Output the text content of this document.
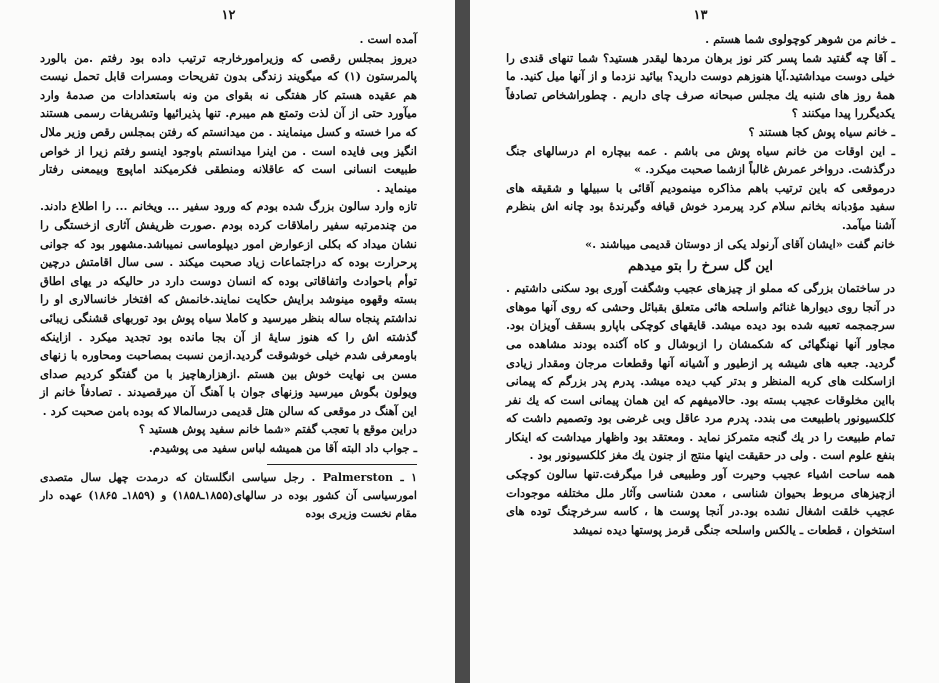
۱۲

آمده است .

دیروز بمجلس رقصی که وزیرامورخارجه ترتیب داده بود رفتم .من بالورد پالمرستون (۱) که میگویند زندگی بدون تفریحات ومسرات قابل تحمل نیست هم عقیده هستم کار هفتگی نه بقوای من ونه باستعدادات من صدمهٔ وارد میآورد حتی از آن لذت وتمتع هم میبرم. تنها پذیرائیها وتشریفات رسمی هستند که مرا خسته و کسل مینمایند . من میدانستم که رفتن بمجلس رقص وزیر ملال انگیز وبی فایده است . من اینرا میدانستم باوجود اینسو رفتم زیرا از خواص طبیعت انسانی است که عاقلانه ومنطقی فکرمیکند اماپوچ وبیمعنی رفتار مینماید .

تازه وارد سالون بزرگ شده بودم که ورود سفیر ... ویخانم ... را اطلاع دادند. من چندمرتبه سفیر راملاقات کرده بودم .صورت ظریفش آثاری ازخستگی را نشان میداد که بکلی ازعوارض امور دیپلوماسی نمیباشد.مشهور بود که جوانی پرحرارت بوده که دراجتماعات زیاد صحبت میکند . سی سال اقامتش درچین توأم باحوادث واتفاقاتی بوده که انسان دوست دارد در حالیکه در یهای اطاق بسته وقهوه مینوشد برایش حکایت نمایند.خانمش که افتخار خانسالاری او را نداشتم پنجاه ساله بنظر میرسید و کاملا سیاه پوش بود توربهای قشنگی زیبائی گذشته اش را که هنوز سایهٔ از آن بجا مانده بود تجدید میکرد . ازاینکه باومعرفی شدم خیلی خوشوقت گردید.ازمن نسبت بمصاحبت ومحاوره با زنهای مسن بی نهایت خوش بین هستم .ازهزارهاچیز با من گفتگو کردیم صدای ویولون بگوش میرسید وزنهای جوان با آهنگ آن میرقصیدند . تصادفاً خانم از این آهنگ در موقعی که سالن هتل قدیمی درسالمالا که بوده بامن صحبت کرد .

دراین موقع با تعجب گفتم «شما خانم سفید پوش هستید ؟

ـ جواب داد البته آقا من همیشه لباس سفید می پوشیدم.

۱ ـ Palmerston . رجل سیاسی انگلستان که درمدت چهل سال متصدی امورسیاسی آن کشور بوده در سالهای(۱۸۵۵ـ۱۸۵۸) و (۱۸۵۹ـ ۱۸۶۵) عهده دار مقام نخست وزیری بوده
۱۳

ـ خانم من شوهر کوچولوی شما هستم .

ـ آقا چه گفتید شما پسر کتر نوز برهان مردها لیقدر هستید؟ شما تنهای قندی را خیلی دوست میداشتید.آیا هنوزهم دوست دارید؟ بیائید نزدما و از آنها میل کنید. ما همهٔ روز های شنبه یك مجلس صبحانه صرف چای داریم . چطوراشخاص تصادفاً یکدیگررا پیدا میکنند ؟

ـ خانم سیاه پوش کجا هستند ؟

ـ این اوقات من خانم سیاه پوش می باشم . عمه بیچاره ام درسالهای جنگ درگذشت. درواخر عمرش غالباً ازشما صحبت میکرد. »

درموقعی که باین ترتیب باهم مذاکره مینمودیم آقائی با سبیلها و شقیقه های سفید مؤدبانه بخانم سلام کرد پیرمرد خوش قیافه وگیرندهٔ بود چانه اش بنظرم آشنا میآمد.

خانم گفت «ایشان آقای آرنولد یکی از دوستان قدیمی میباشند .»

این گل سرخ را بتو میدهم

در ساختمان بزرگی که مملو از چیزهای عجیب وشگفت آوری بود سکنی داشتیم . در آنجا روی دیوارها غنائم واسلحه هائی متعلق بقبائل وحشی که روی آنها موهای سرجمجمه تعبیه شده بود دیده میشد. قایقهای کوچکی باپارو بسقف آویزان بود. مجاور آنها نهنگهائی که شکمشان را ازبوشال و کاه آکنده بودند مشاهده می گردید. جعبه های شیشه پر ازطیور و آشیانه آنها وقطعات مرجان ومقدار زیادی ازاسکلت های کربه المنظر و بدتر کیب دیده میشد. پدرم پدر بزرگم که پیمانی بااین مخلوقات عجیب بسته بود. حالامیفهم که این همان پیمانی است که یك نفر کلکسیونور باطبیعت می بندد. پدرم مرد عاقل وبی غرضی بود وتصمیم داشت که تمام طبیعت را در یك گنجه متمرکز نماید . ومعتقد بود واظهار میداشت که اینکار بنفع علوم است . ولی در حقیقت اینها منتج از جنون یك مغز کلکسیونور بود .

همه ساحت اشیاء عجیب وحیرت آور وطبیعی فرا میگرفت.تنها سالون کوچکی ازچیزهای مربوط بحیوان شناسی ، معدن شناسی وآثار ملل مختلفه موجودات عجیب خلقت اشغال نشده بود.در آنجا پوست ها ، کاسه سرخرچنگ توده های استخوان ، قطعات ـ یالکس واسلحه جنگی قرمز پوستها دیده نمیشد
